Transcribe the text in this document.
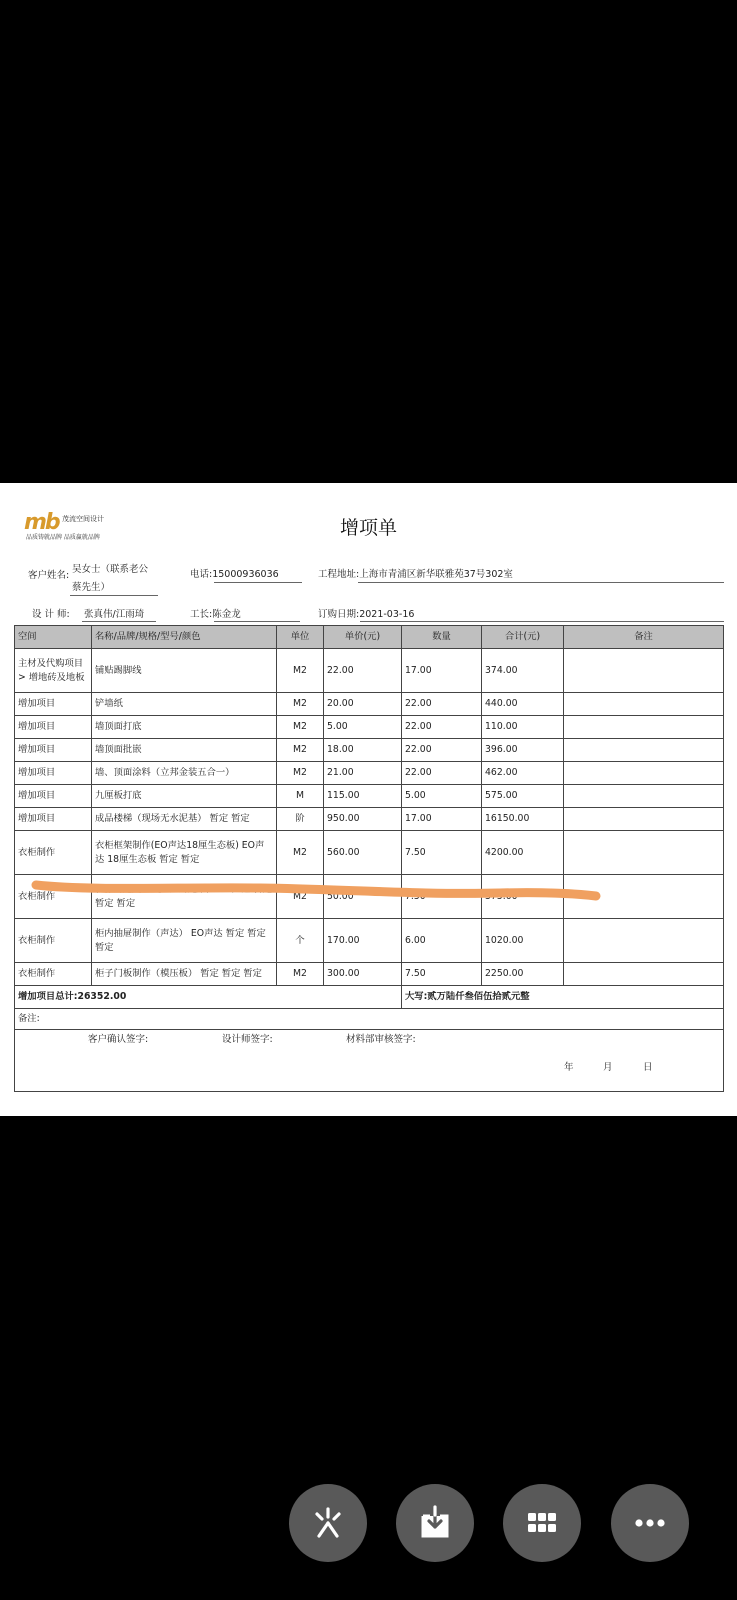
mb 茂流空间设计
品质铸就品牌 品质赢就品牌	增项单
客户姓名:
吴女士（联系老公
蔡先生）
电话:15000936036	工程地址:上海市青浦区新华联雅苑37号302室
设 计 师: 张真伟/江雨琦	工长:陈金龙	订购日期:2021-03-16
空间	名称/品牌/规格/型号/颜色	单位	单价(元)	数量	合计(元)	备注
主材及代购项目> 增地砖及地板	铺贴踢脚线	M2	22.00	17.00	374.00	
增加项目	铲墙纸	M2	20.00	22.00	440.00	
增加项目	墙顶面打底	M2	5.00	22.00	110.00	
增加项目	墙顶面批嵌	M2	18.00	22.00	396.00	
增加项目	墙、顶面涂料（立邦金装五合一）	M2	21.00	22.00	462.00	
增加项目	九厘板打底	M	115.00	5.00	575.00	
增加项目	成品楼梯（现场无水泥基） 暂定 暂定	阶	950.00	17.00	16150.00	
衣柜制作	衣柜框架制作(EO声达18厘生态板) EO声达 18厘生态板 暂定 暂定	M2	560.00	7.50	4200.00	
衣柜制作	柜体封边处理（声达封边条） EO声达 暂定 暂定 暂定	M2	50.00	7.50	375.00	
衣柜制作	柜内抽屉制作（声达） EO声达 暂定 暂定 暂定	个	170.00	6.00	1020.00	
衣柜制作	柜子门板制作（模压板） 暂定 暂定 暂定	M2	300.00	7.50	2250.00	
增加项目总计:26352.00				大写:贰万陆仟叁佰伍拾贰元整		
备注:						

客户确认签字:	设计师签字:	材料部审核签字:
年	月	日
